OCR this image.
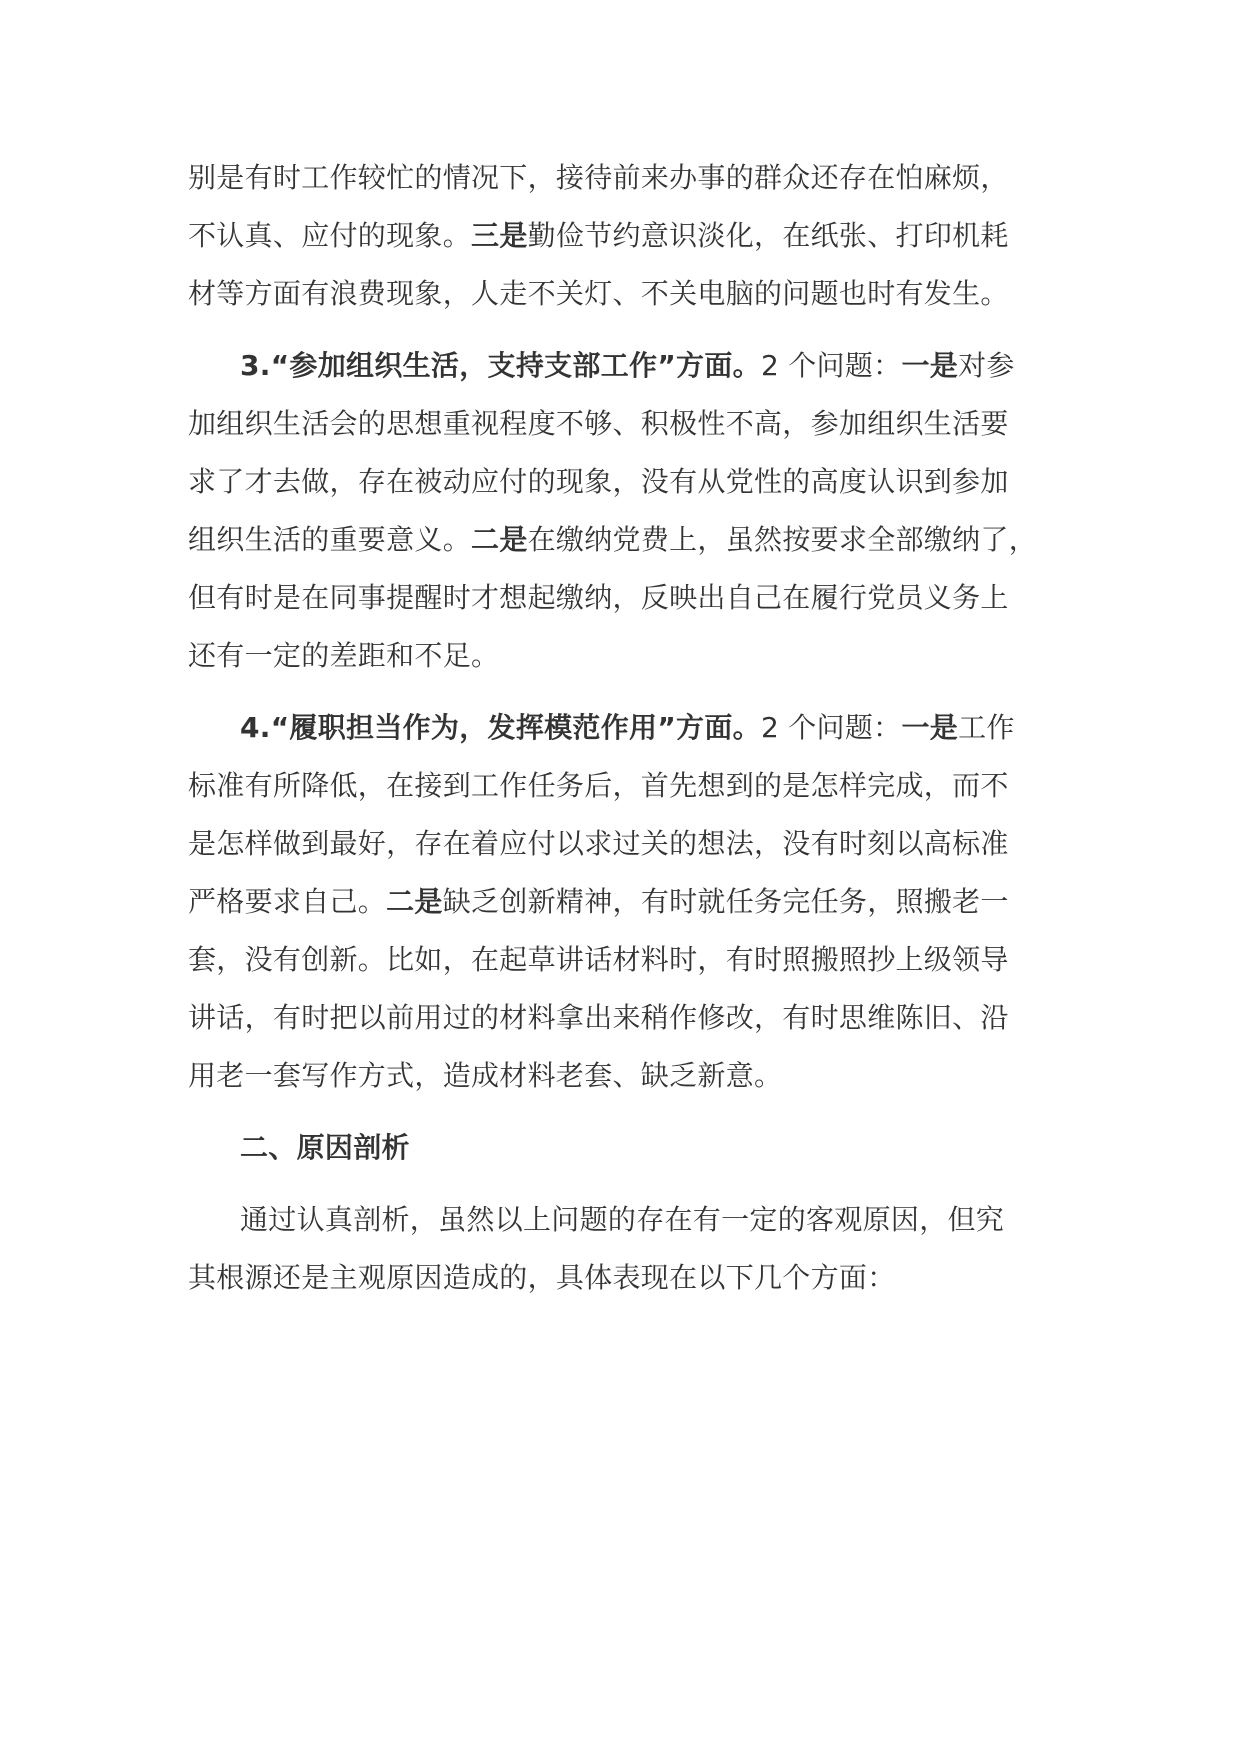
别是有时工作较忙的情况下，接待前来办事的群众还存在怕麻烦，
不认真、应付的现象。三是勤俭节约意识淡化，在纸张、打印机耗
材等方面有浪费现象，人走不关灯、不关电脑的问题也时有发生。
3.“参加组织生活，支持支部工作”方面。2 个问题：一是对参
加组织生活会的思想重视程度不够、积极性不高，参加组织生活要
求了才去做，存在被动应付的现象，没有从党性的高度认识到参加
组织生活的重要意义。二是在缴纳党费上，虽然按要求全部缴纳了，
但有时是在同事提醒时才想起缴纳，反映出自己在履行党员义务上
还有一定的差距和不足。
4.“履职担当作为，发挥模范作用”方面。2 个问题：一是工作
标准有所降低，在接到工作任务后，首先想到的是怎样完成，而不
是怎样做到最好，存在着应付以求过关的想法，没有时刻以高标准
严格要求自己。二是缺乏创新精神，有时就任务完任务，照搬老一
套，没有创新。比如，在起草讲话材料时，有时照搬照抄上级领导
讲话，有时把以前用过的材料拿出来稍作修改，有时思维陈旧、沿
用老一套写作方式，造成材料老套、缺乏新意。
二、原因剖析
通过认真剖析，虽然以上问题的存在有一定的客观原因，但究
其根源还是主观原因造成的，具体表现在以下几个方面：
